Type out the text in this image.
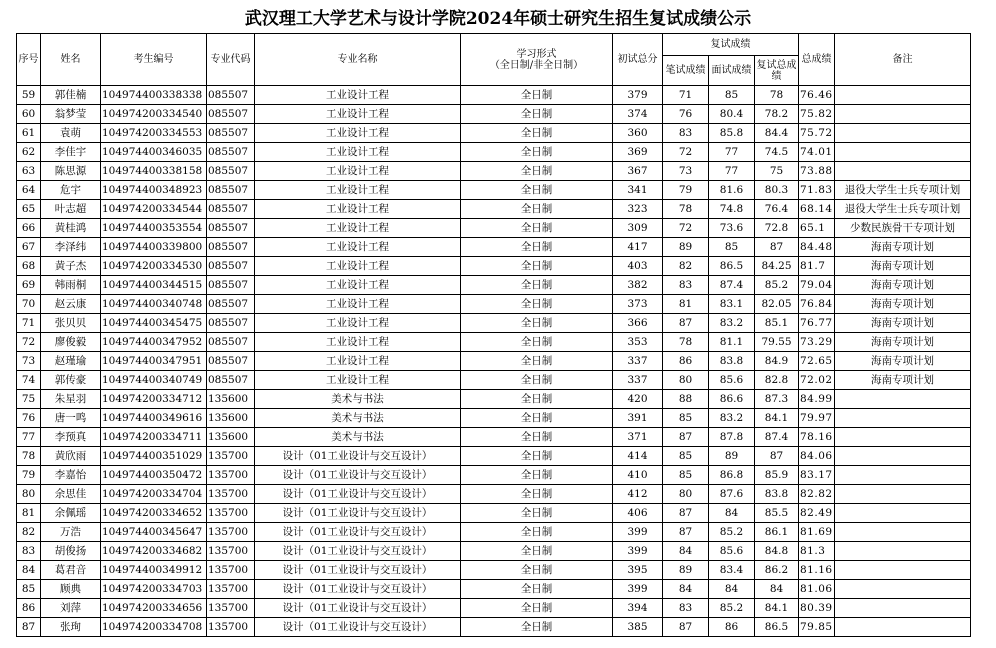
武汉理工大学艺术与设计学院2024年硕士研究生招生复试成绩公示
序号	姓名	考生编号	专业代码	专业名称	学习形式
（全日制/非全日制）	初试总分	复试成绩			总成绩	备注
							笔试成绩	面试成绩	复试总成绩		
59	郭佳楠	104974400338338	085507	工业设计工程	全日制	379	71	85	78	76.46	
60	翁梦莹	104974200334540	085507	工业设计工程	全日制	374	76	80.4	78.2	75.82	
61	袁萌	104974200334553	085507	工业设计工程	全日制	360	83	85.8	84.4	75.72	
62	李佳宇	104974400346035	085507	工业设计工程	全日制	369	72	77	74.5	74.01	
63	陈思源	104974400338158	085507	工业设计工程	全日制	367	73	77	75	73.88	
64	危宇	104974400348923	085507	工业设计工程	全日制	341	79	81.6	80.3	71.83	退役大学生士兵专项计划
65	叶志超	104974200334544	085507	工业设计工程	全日制	323	78	74.8	76.4	68.14	退役大学生士兵专项计划
66	黄桂鸿	104974400353554	085507	工业设计工程	全日制	309	72	73.6	72.8	65.1	少数民族骨干专项计划
67	李泽纬	104974400339800	085507	工业设计工程	全日制	417	89	85	87	84.48	海南专项计划
68	黄子杰	104974200334530	085507	工业设计工程	全日制	403	82	86.5	84.25	81.7	海南专项计划
69	韩雨桐	104974400344515	085507	工业设计工程	全日制	382	83	87.4	85.2	79.04	海南专项计划
70	赵云康	104974400340748	085507	工业设计工程	全日制	373	81	83.1	82.05	76.84	海南专项计划
71	张贝贝	104974400345475	085507	工业设计工程	全日制	366	87	83.2	85.1	76.77	海南专项计划
72	廖俊毅	104974400347952	085507	工业设计工程	全日制	353	78	81.1	79.55	73.29	海南专项计划
73	赵瑾瑜	104974400347951	085507	工业设计工程	全日制	337	86	83.8	84.9	72.65	海南专项计划
74	郭传豪	104974400340749	085507	工业设计工程	全日制	337	80	85.6	82.8	72.02	海南专项计划
75	朱星羽	104974200334712	135600	美术与书法	全日制	420	88	86.6	87.3	84.99	
76	唐一鸣	104974400349616	135600	美术与书法	全日制	391	85	83.2	84.1	79.97	
77	李预真	104974200334711	135600	美术与书法	全日制	371	87	87.8	87.4	78.16	
78	黄欣雨	104974400351029	135700	设计（01工业设计与交互设计）	全日制	414	85	89	87	84.06	
79	李嘉怡	104974400350472	135700	设计（01工业设计与交互设计）	全日制	410	85	86.8	85.9	83.17	
80	余思佳	104974200334704	135700	设计（01工业设计与交互设计）	全日制	412	80	87.6	83.8	82.82	
81	余佩瑶	104974200334652	135700	设计（01工业设计与交互设计）	全日制	406	87	84	85.5	82.49	
82	万浩	104974400345647	135700	设计（01工业设计与交互设计）	全日制	399	87	85.2	86.1	81.69	
83	胡俊扬	104974200334682	135700	设计（01工业设计与交互设计）	全日制	399	84	85.6	84.8	81.3	
84	葛君音	104974400349912	135700	设计（01工业设计与交互设计）	全日制	395	89	83.4	86.2	81.16	
85	顾典	104974200334703	135700	设计（01工业设计与交互设计）	全日制	399	84	84	84	81.06	
86	刘萍	104974200334656	135700	设计（01工业设计与交互设计）	全日制	394	83	85.2	84.1	80.39	
87	张珣	104974200334708	135700	设计（01工业设计与交互设计）	全日制	385	87	86	86.5	79.85	
